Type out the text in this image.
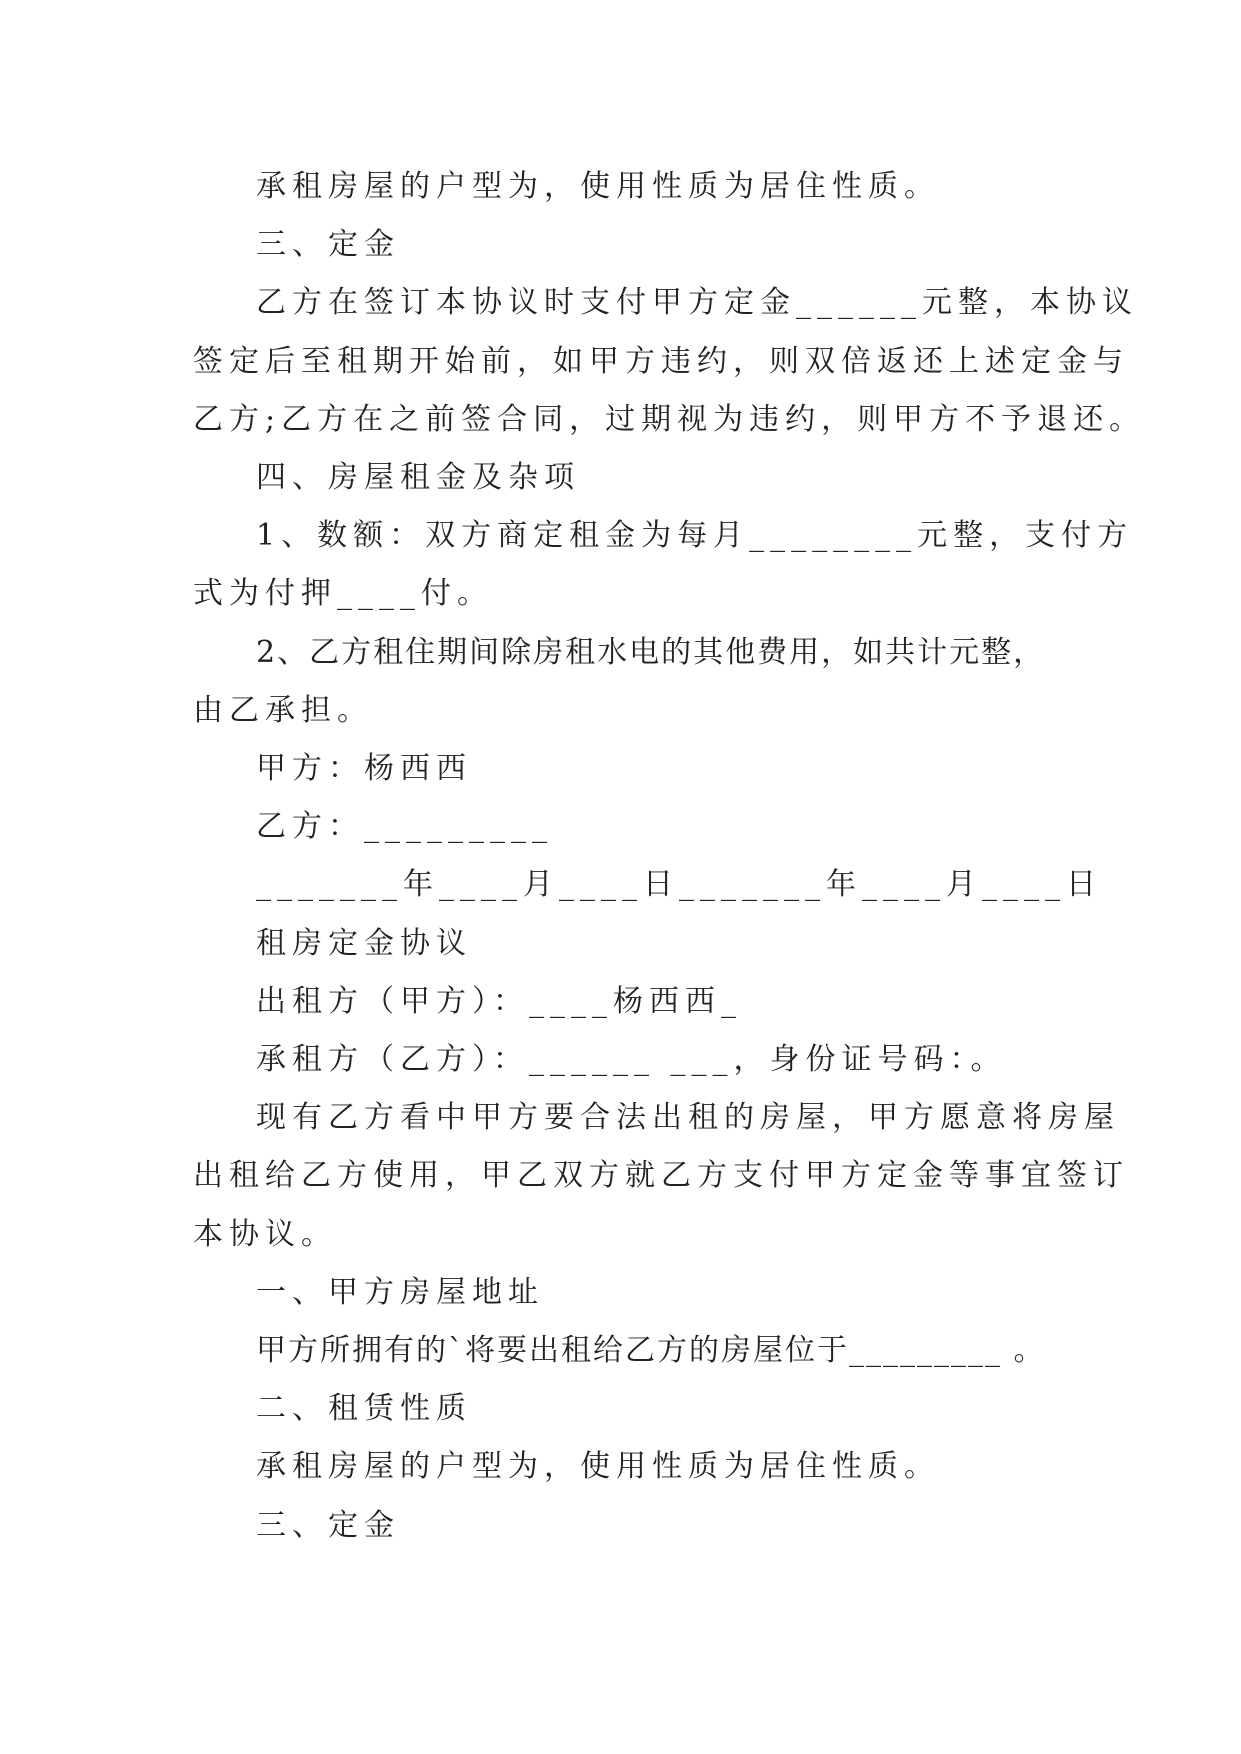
承租房屋的户型为，使用性质为居住性质。

三、定金

乙方在签订本协议时支付甲方定金______元整，本协议

签定后至租期开始前，如甲方违约，则双倍返还上述定金与

乙方;乙方在之前签合同，过期视为违约，则甲方不予退还。

四、房屋租金及杂项

1、数额：双方商定租金为每月________元整，支付方

式为付押____付。

2、乙方租住期间除房租水电的其他费用，如共计元整，

由乙承担。

甲方：杨西西

乙方：_________

_______年____月____日_______年____月____日

租房定金协议

出租方（甲方）：____杨西西_

承租方（乙方）：______ ___，身份证号码：。

现有乙方看中甲方要合法出租的房屋，甲方愿意将房屋

出租给乙方使用，甲乙双方就乙方支付甲方定金等事宜签订

本协议。

一、甲方房屋地址

甲方所拥有的`将要出租给乙方的房屋位于_________ 。

二、租赁性质

承租房屋的户型为，使用性质为居住性质。

三、定金
